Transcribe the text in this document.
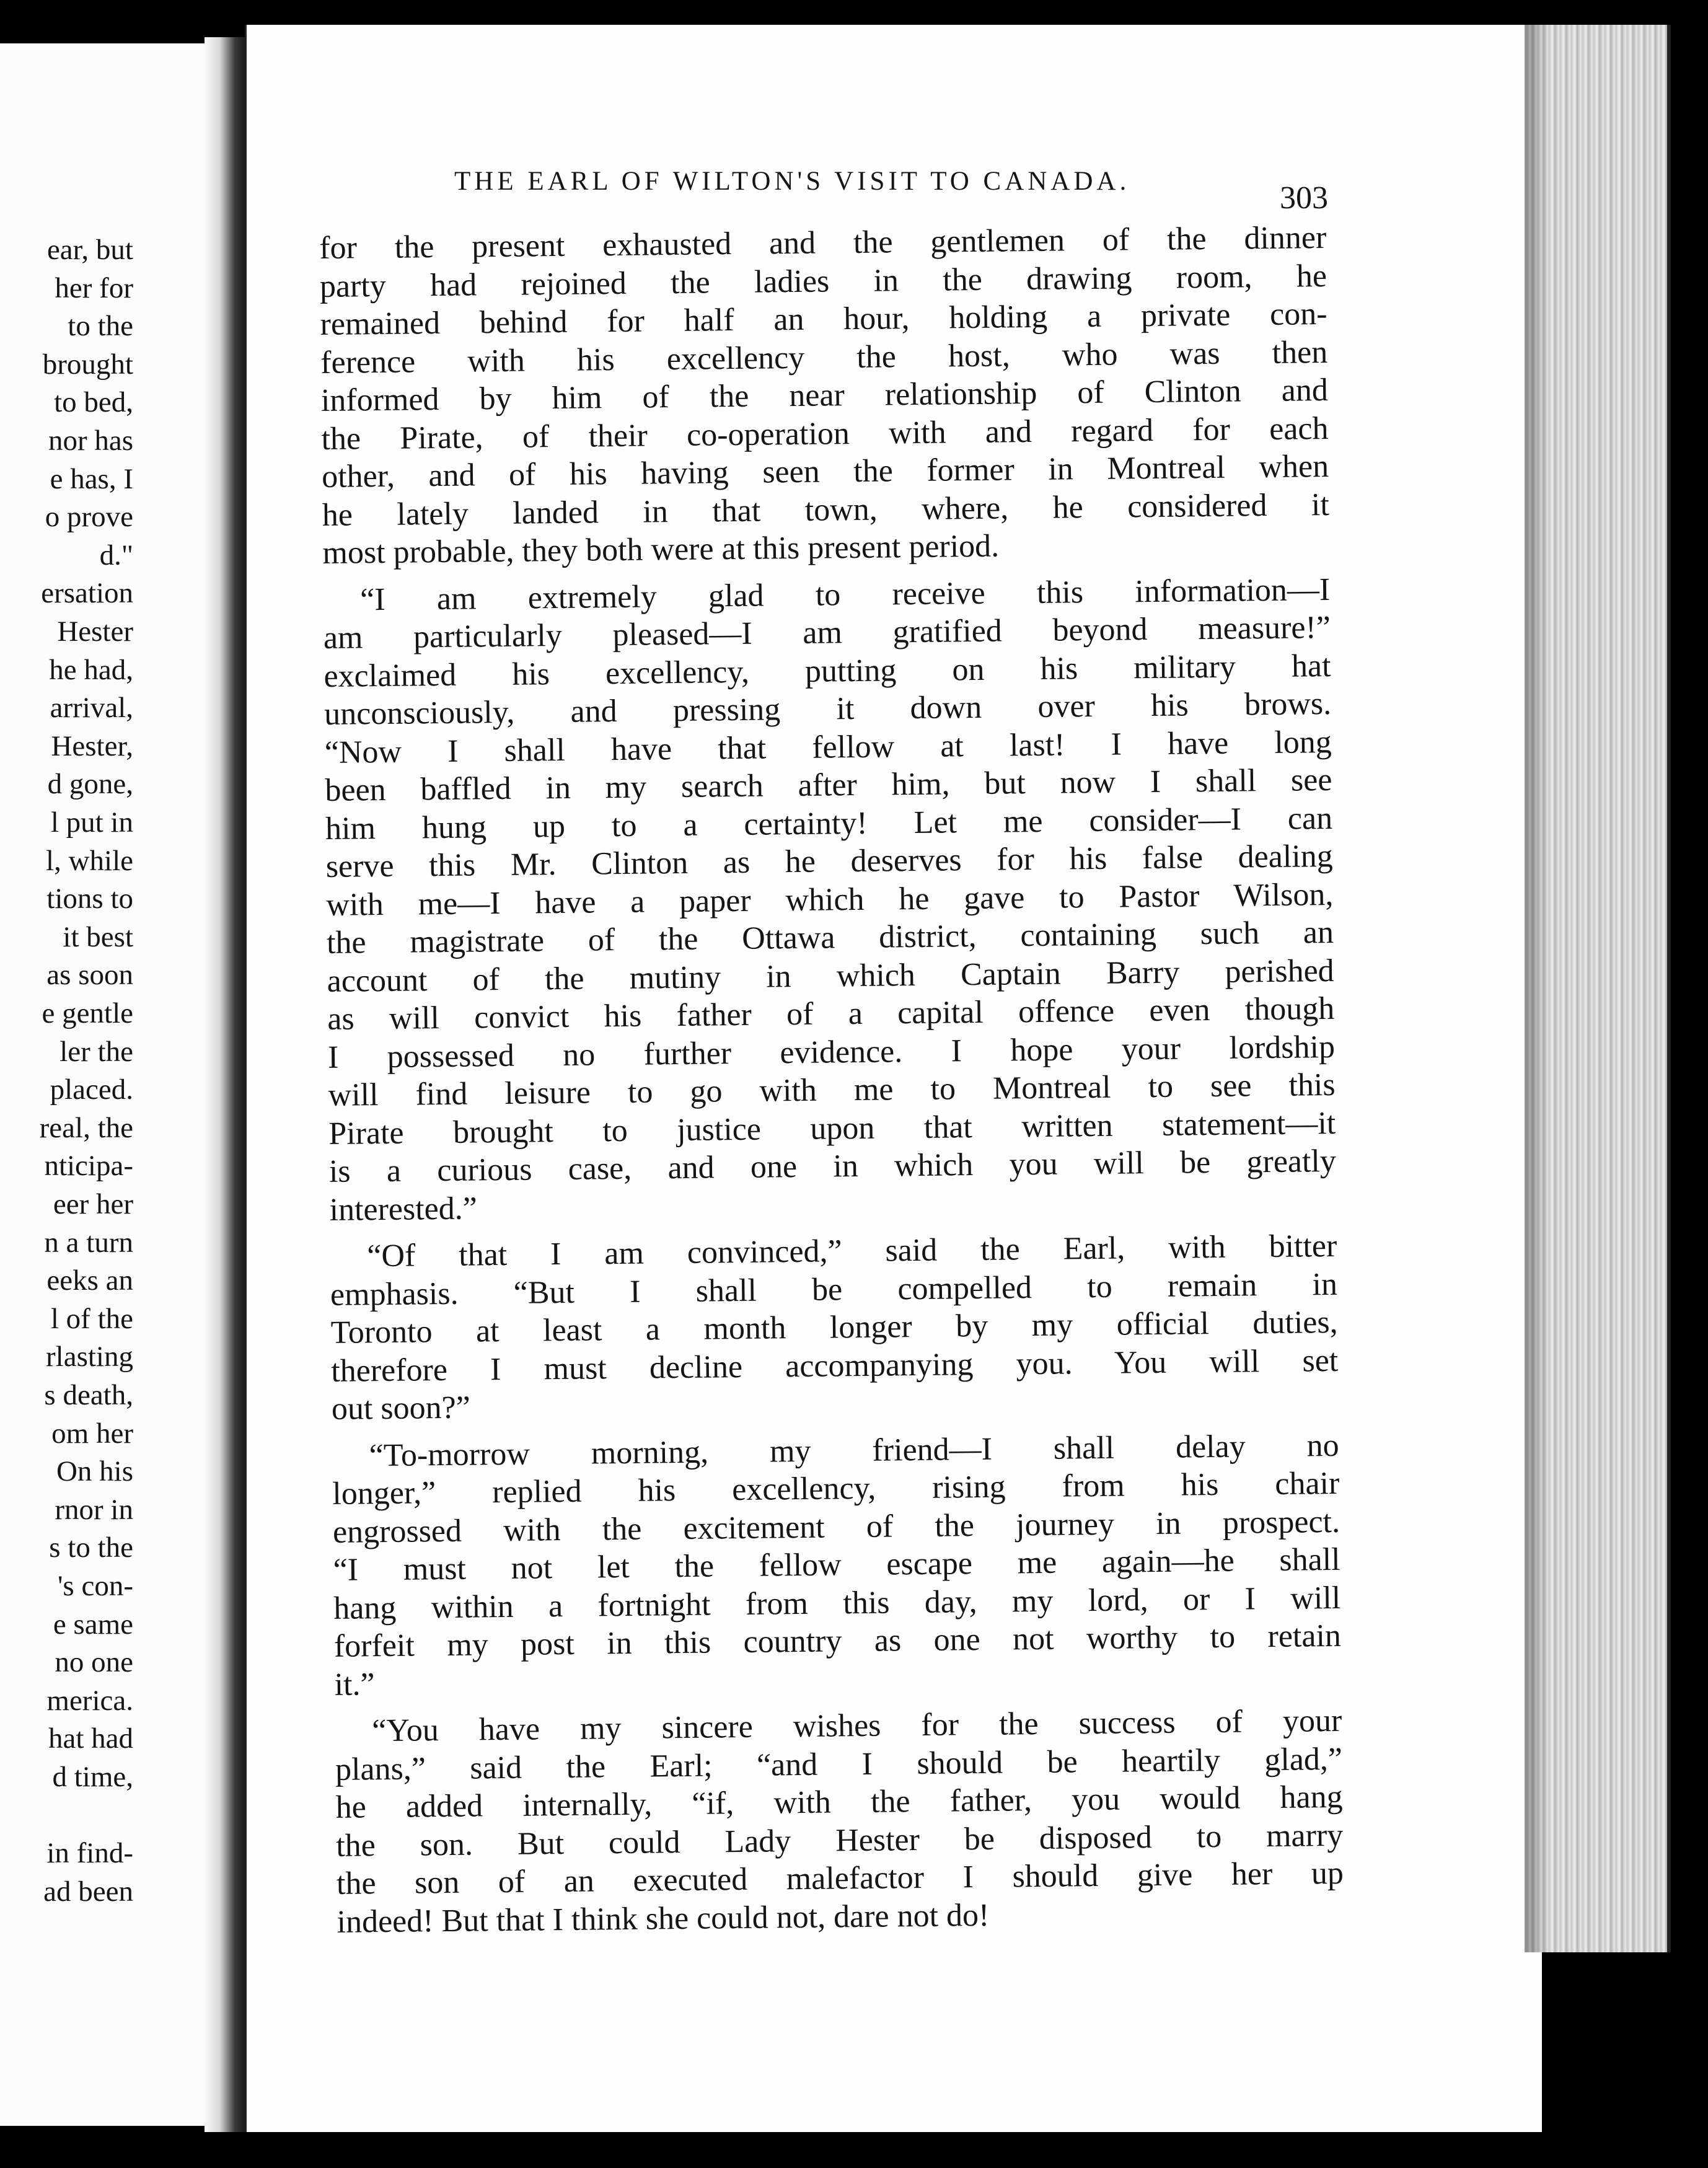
ear, but
her for
to the
brought
to bed,
nor has
e has, I
o prove
d."
ersation
Hester
he had,
arrival,
Hester,
d gone,
l put in
l, while
tions to
it best
as soon
e gentle
ler the
placed.
real, the
nticipa-
eer her
n a turn
eeks an
l of the
rlasting
s death,
om her
On his
rnor in
s to the
's con-
e same
no one
merica.
hat had
d time,
in find-
ad been
THE EARL OF WILTON'S VISIT TO CANADA.	303
for the present exhausted and the gentlemen of the dinner
party had rejoined the ladies in the drawing room, he
remained behind for half an hour, holding a private con-
ference with his excellency the host, who was then
informed by him of the near relationship of Clinton and
the Pirate, of their co-operation with and regard for each
other, and of his having seen the former in Montreal when
he lately landed in that town, where, he considered it
most probable, they both were at this present period.
“I am extremely glad to receive this information—I
am particularly pleased—I am gratified beyond measure!”
exclaimed his excellency, putting on his military hat
unconsciously, and pressing it down over his brows.
“Now I shall have that fellow at last! I have long
been baffled in my search after him, but now I shall see
him hung up to a certainty! Let me consider—I can
serve this Mr. Clinton as he deserves for his false dealing
with me—I have a paper which he gave to Pastor Wilson,
the magistrate of the Ottawa district, containing such an
account of the mutiny in which Captain Barry perished
as will convict his father of a capital offence even though
I possessed no further evidence. I hope your lordship
will find leisure to go with me to Montreal to see this
Pirate brought to justice upon that written statement—it
is a curious case, and one in which you will be greatly
interested.”
“Of that I am convinced,” said the Earl, with bitter
emphasis. “But I shall be compelled to remain in
Toronto at least a month longer by my official duties,
therefore I must decline accompanying you. You will set
out soon?”
“To-morrow morning, my friend—I shall delay no
longer,” replied his excellency, rising from his chair
engrossed with the excitement of the journey in prospect.
“I must not let the fellow escape me again—he shall
hang within a fortnight from this day, my lord, or I will
forfeit my post in this country as one not worthy to retain
it.”
“You have my sincere wishes for the success of your
plans,” said the Earl; “and I should be heartily glad,”
he added internally, “if, with the father, you would hang
the son. But could Lady Hester be disposed to marry
the son of an executed malefactor I should give her up
indeed! But that I think she could not, dare not do!
